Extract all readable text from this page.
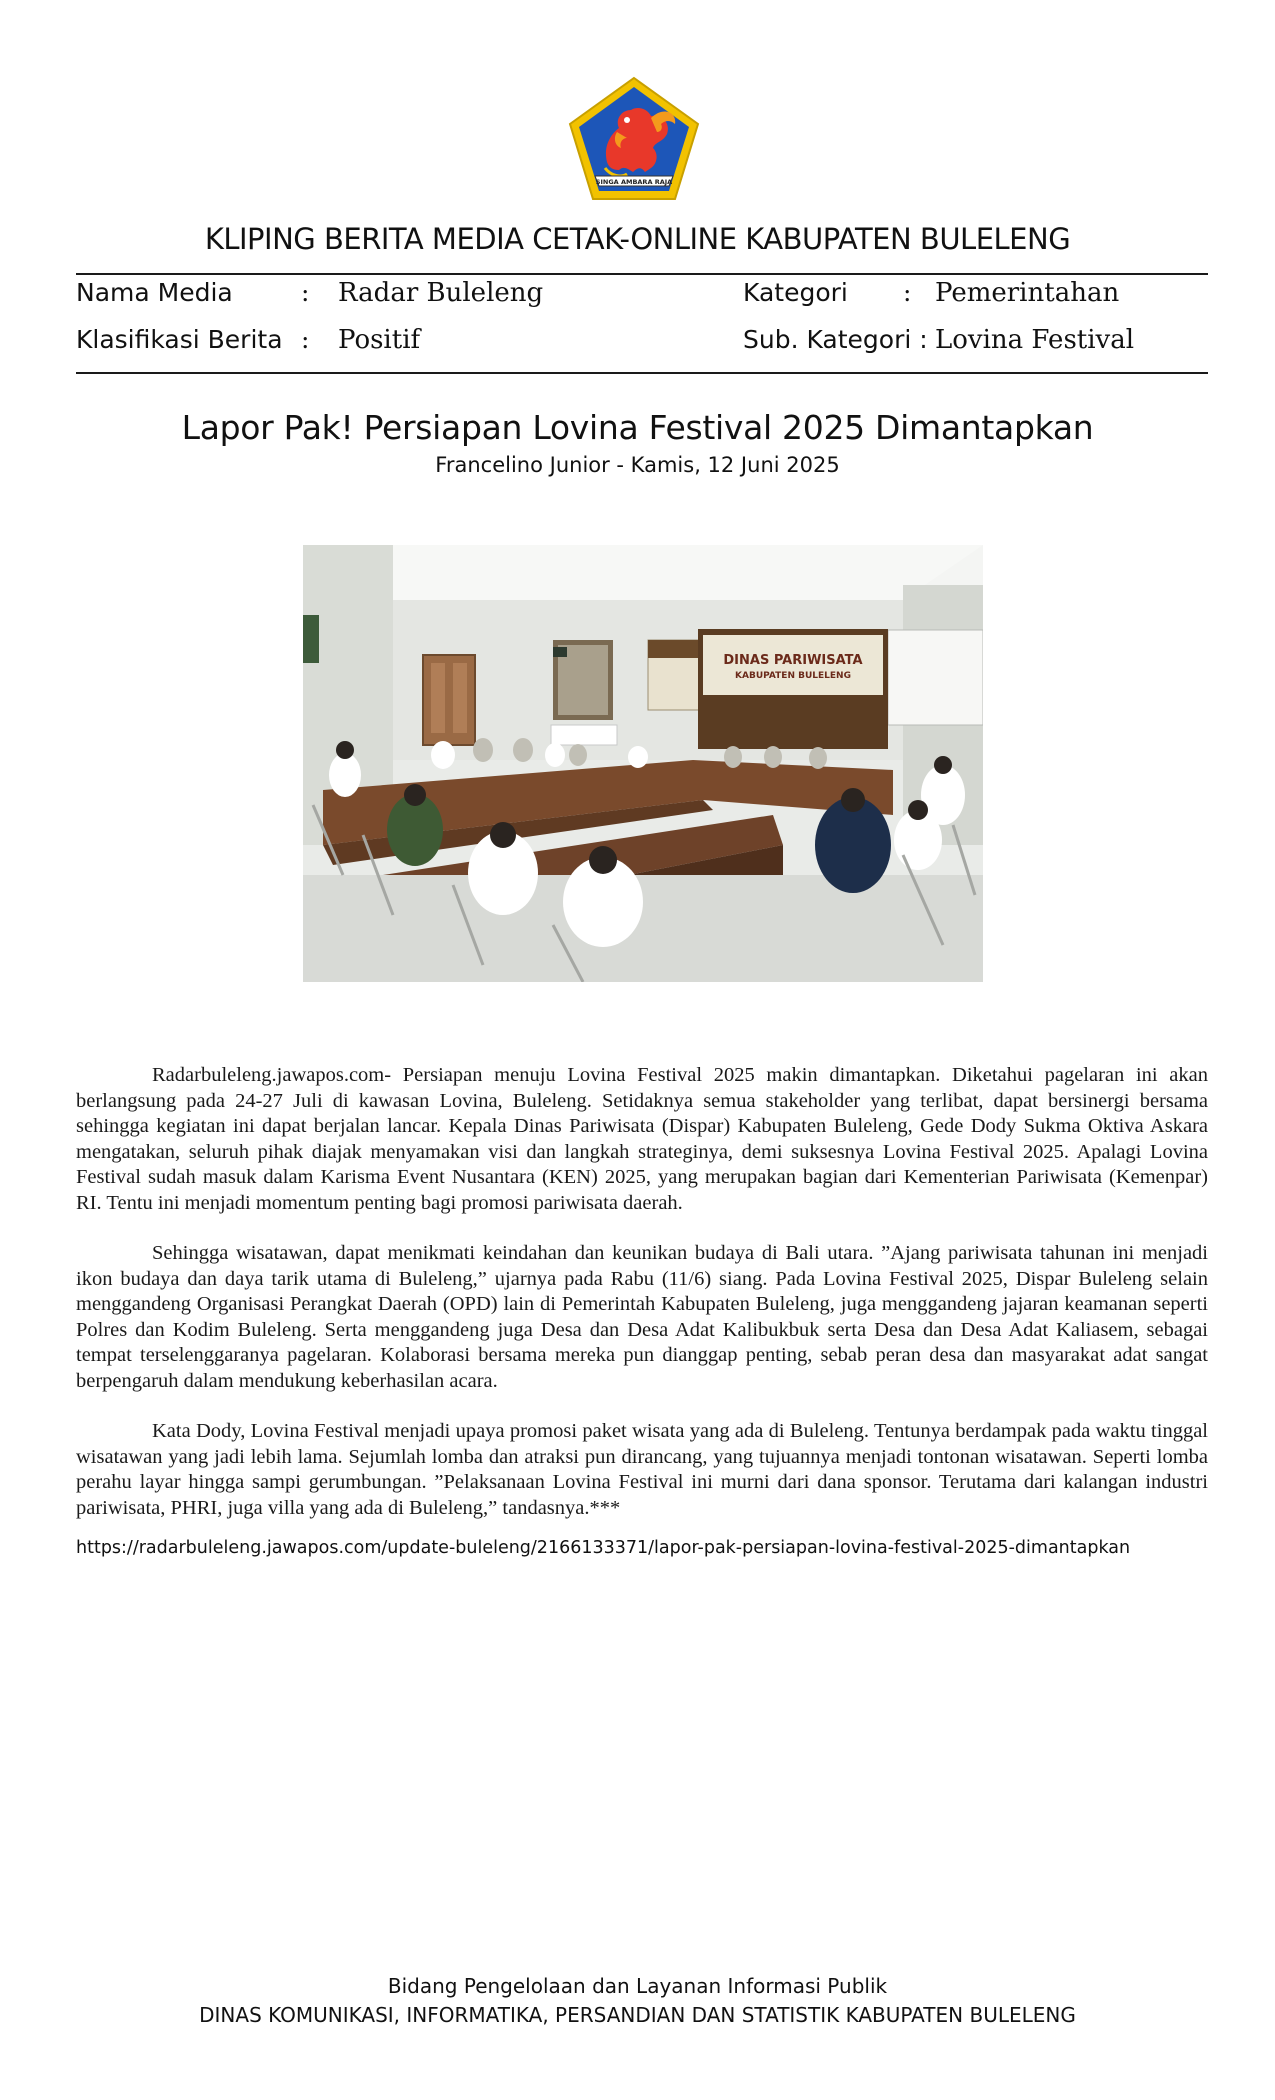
SINGA AMBARA RAJA
KLIPING BERITA MEDIA CETAK-ONLINE KABUPATEN BULELENG
Nama Media	: Radar Buleleng	Kategori : Pemerintahan
Klasifikasi Berita : Positif	Sub. Kategori : Lovina Festival
Lapor Pak! Persiapan Lovina Festival 2025 Dimantapkan
Francelino Junior - Kamis, 12 Juni 2025
DINAS PARIWISATA
KABUPATEN BULELENG

Radarbuleleng.jawapos.com- Persiapan menuju Lovina Festival 2025 makin dimantapkan. Diketahui pagelaran ini akan berlangsung pada 24-27 Juli di kawasan Lovina, Buleleng. Setidaknya semua stakeholder yang terlibat, dapat bersinergi bersama sehingga kegiatan ini dapat berjalan lancar. Kepala Dinas Pariwisata (Dispar) Kabupaten Buleleng, Gede Dody Sukma Oktiva Askara mengatakan, seluruh pihak diajak menyamakan visi dan langkah strateginya, demi suksesnya Lovina Festival 2025. Apalagi Lovina Festival sudah masuk dalam Karisma Event Nusantara (KEN) 2025, yang merupakan bagian dari Kementerian Pariwisata (Kemenpar) RI. Tentu ini menjadi momentum penting bagi promosi pariwisata daerah.

Sehingga wisatawan, dapat menikmati keindahan dan keunikan budaya di Bali utara. ”Ajang pariwisata tahunan ini menjadi ikon budaya dan daya tarik utama di Buleleng,” ujarnya pada Rabu (11/6) siang. Pada Lovina Festival 2025, Dispar Buleleng selain menggandeng Organisasi Perangkat Daerah (OPD) lain di Pemerintah Kabupaten Buleleng, juga menggandeng jajaran keamanan seperti Polres dan Kodim Buleleng. Serta menggandeng juga Desa dan Desa Adat Kalibukbuk serta Desa dan Desa Adat Kaliasem, sebagai tempat terselenggaranya pagelaran. Kolaborasi bersama mereka pun dianggap penting, sebab peran desa dan masyarakat adat sangat berpengaruh dalam mendukung keberhasilan acara.

Kata Dody, Lovina Festival menjadi upaya promosi paket wisata yang ada di Buleleng. Tentunya berdampak pada waktu tinggal wisatawan yang jadi lebih lama. Sejumlah lomba dan atraksi pun dirancang, yang tujuannya menjadi tontonan wisatawan. Seperti lomba perahu layar hingga sampi gerumbungan. ”Pelaksanaan Lovina Festival ini murni dari dana sponsor. Terutama dari kalangan industri pariwisata, PHRI, juga villa yang ada di Buleleng,” tandasnya.***

https://radarbuleleng.jawapos.com/update-buleleng/2166133371/lapor-pak-persiapan-lovina-festival-2025-dimantapkan
Bidang Pengelolaan dan Layanan Informasi Publik
DINAS KOMUNIKASI, INFORMATIKA, PERSANDIAN DAN STATISTIK KABUPATEN BULELENG
